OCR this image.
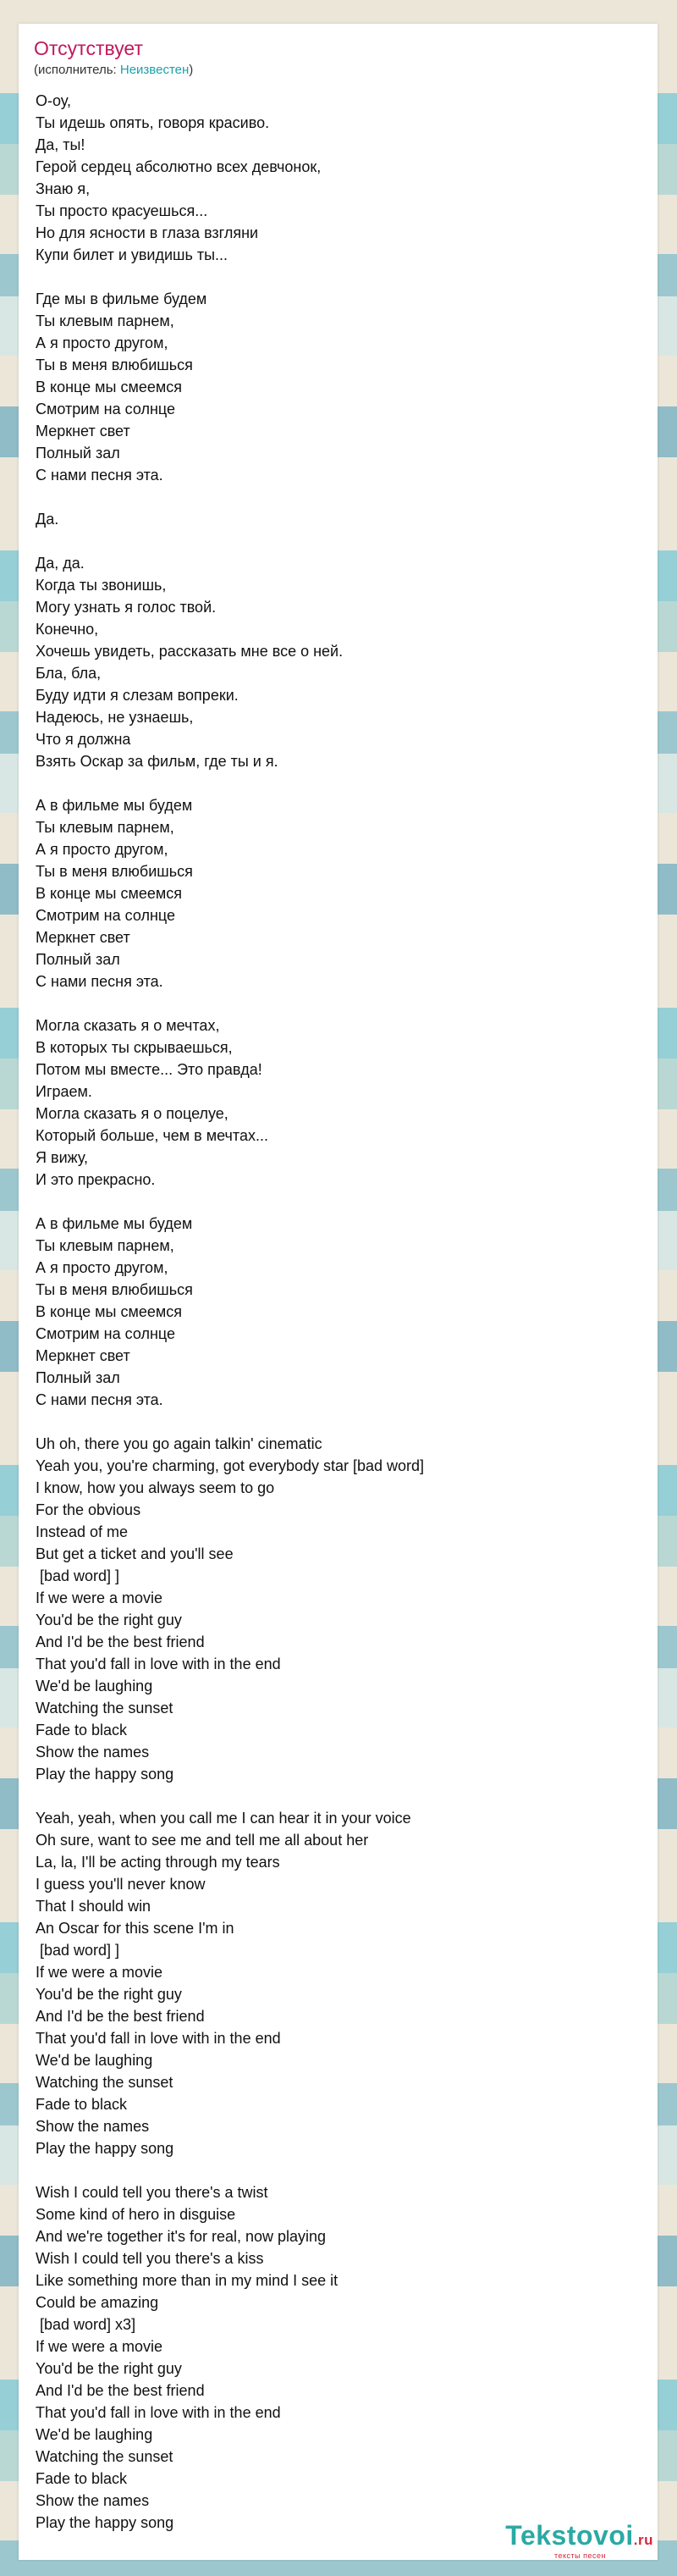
Отсутствует
(исполнитель: Неизвестен)
О-оу,
Ты идешь опять, говоря красиво.
Да, ты!
Герой сердец абсолютно всех девчонок,
Знаю я,
Ты просто красуешься...
Но для ясности в глаза взгляни
Купи билет и увидишь ты...
Где мы в фильме будем
Ты клевым парнем,
А я просто другом,
Ты в меня влюбишься
В конце мы смеемся
Смотрим на солнце
Меркнет свет
Полный зал
С нами песня эта.
Да.
Да, да.
Когда ты звонишь,
Могу узнать я голос твой.
Конечно,
Хочешь увидеть, рассказать мне все о ней.
Бла, бла,
Буду идти я слезам вопреки.
Надеюсь, не узнаешь,
Что я должна
Взять Оскар за фильм, где ты и я.
А в фильме мы будем
Ты клевым парнем,
А я просто другом,
Ты в меня влюбишься
В конце мы смеемся
Смотрим на солнце
Меркнет свет
Полный зал
С нами песня эта.
Могла сказать я о мечтах,
В которых ты скрываешься,
Потом мы вместе... Это правда!
Играем.
Могла сказать я о поцелуе,
Который больше, чем в мечтах...
Я вижу,
И это прекрасно.
А в фильме мы будем
Ты клевым парнем,
А я просто другом,
Ты в меня влюбишься
В конце мы смеемся
Смотрим на солнце
Меркнет свет
Полный зал
С нами песня эта.
Uh oh, there you go again talkin' cinematic
Yeah you, you're charming, got everybody star [bad word]
I know, how you always seem to go
For the obvious
Instead of me
But get a ticket and you'll see
[bad word] ]
If we were a movie
You'd be the right guy
And I'd be the best friend
That you'd fall in love with in the end
We'd be laughing
Watching the sunset
Fade to black
Show the names
Play the happy song
Yeah, yeah, when you call me I can hear it in your voice
Oh sure, want to see me and tell me all about her
La, la, I'll be acting through my tears
I guess you'll never know
That I should win
An Oscar for this scene I'm in
[bad word] ]
If we were a movie
You'd be the right guy
And I'd be the best friend
That you'd fall in love with in the end
We'd be laughing
Watching the sunset
Fade to black
Show the names
Play the happy song
Wish I could tell you there's a twist
Some kind of hero in disguise
And we're together it's for real, now playing
Wish I could tell you there's a kiss
Like something more than in my mind I see it
Could be amazing
[bad word] x3]
If we were a movie
You'd be the right guy
And I'd be the best friend
That you'd fall in love with in the end
We'd be laughing
Watching the sunset
Fade to black
Show the names
Play the happy song	Tekstovoi.ru
тексты песен
